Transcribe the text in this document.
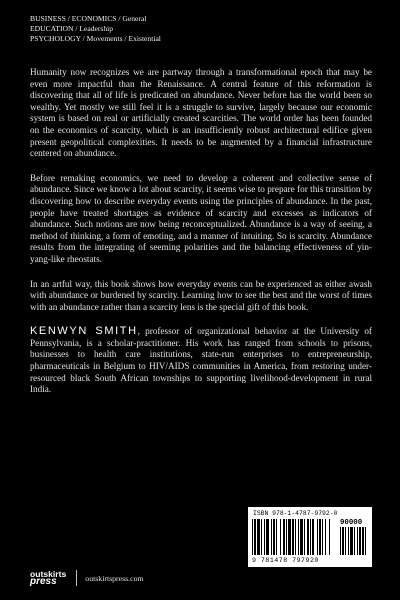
BUSINESS / ECONOMICS / General
EDUCATION / Leadership
PSYCHOLOGY / Movements / Existential

Humanity now recognizes we are partway through a transformational epoch that may be even more impactful than the Renaissance. A central feature of this reformation is discovering that all of life is predicated on abundance. Never before has the world been so wealthy. Yet mostly we still feel it is a struggle to survive, largely because our economic system is based on real or artificially created scarcities. The world order has been founded on the economics of scarcity, which is an insufficiently robust architectural edifice given present geopolitical complexities. It needs to be augmented by a financial infrastructure centered on abundance.

Before remaking economics, we need to develop a coherent and collective sense of abundance. Since we know a lot about scarcity, it seems wise to prepare for this transition by discovering how to describe everyday events using the principles of abundance. In the past, people have treated shortages as evidence of scarcity and excesses as indicators of abundance. Such notions are now being reconceptualized. Abundance is a way of seeing, a method of thinking, a form of emoting, and a manner of intuiting. So is scarcity. Abundance results from the integrating of seeming polarities and the balancing effectiveness of yin-yang-like rheostats.

In an artful way, this book shows how everyday events can be experienced as either awash with abundance or burdened by scarcity. Learning how to see the best and the worst of times with an abundance rather than a scarcity lens is the special gift of this book.

KENWYN SMITH, professor of organizational behavior at the University of Pennsylvania, is a scholar-practitioner. His work has ranged from schools to prisons, businesses to health care institutions, state-run enterprises to entrepreneurship, pharmaceuticals in Belgium to HIV/AIDS communities in America, from restoring under-resourced black South African townships to supporting livelihood-development in rural India.

ISBN 978-1-4787-9792-0
90000
9 781478 797920
outskirts
press	outskirtspress.com
